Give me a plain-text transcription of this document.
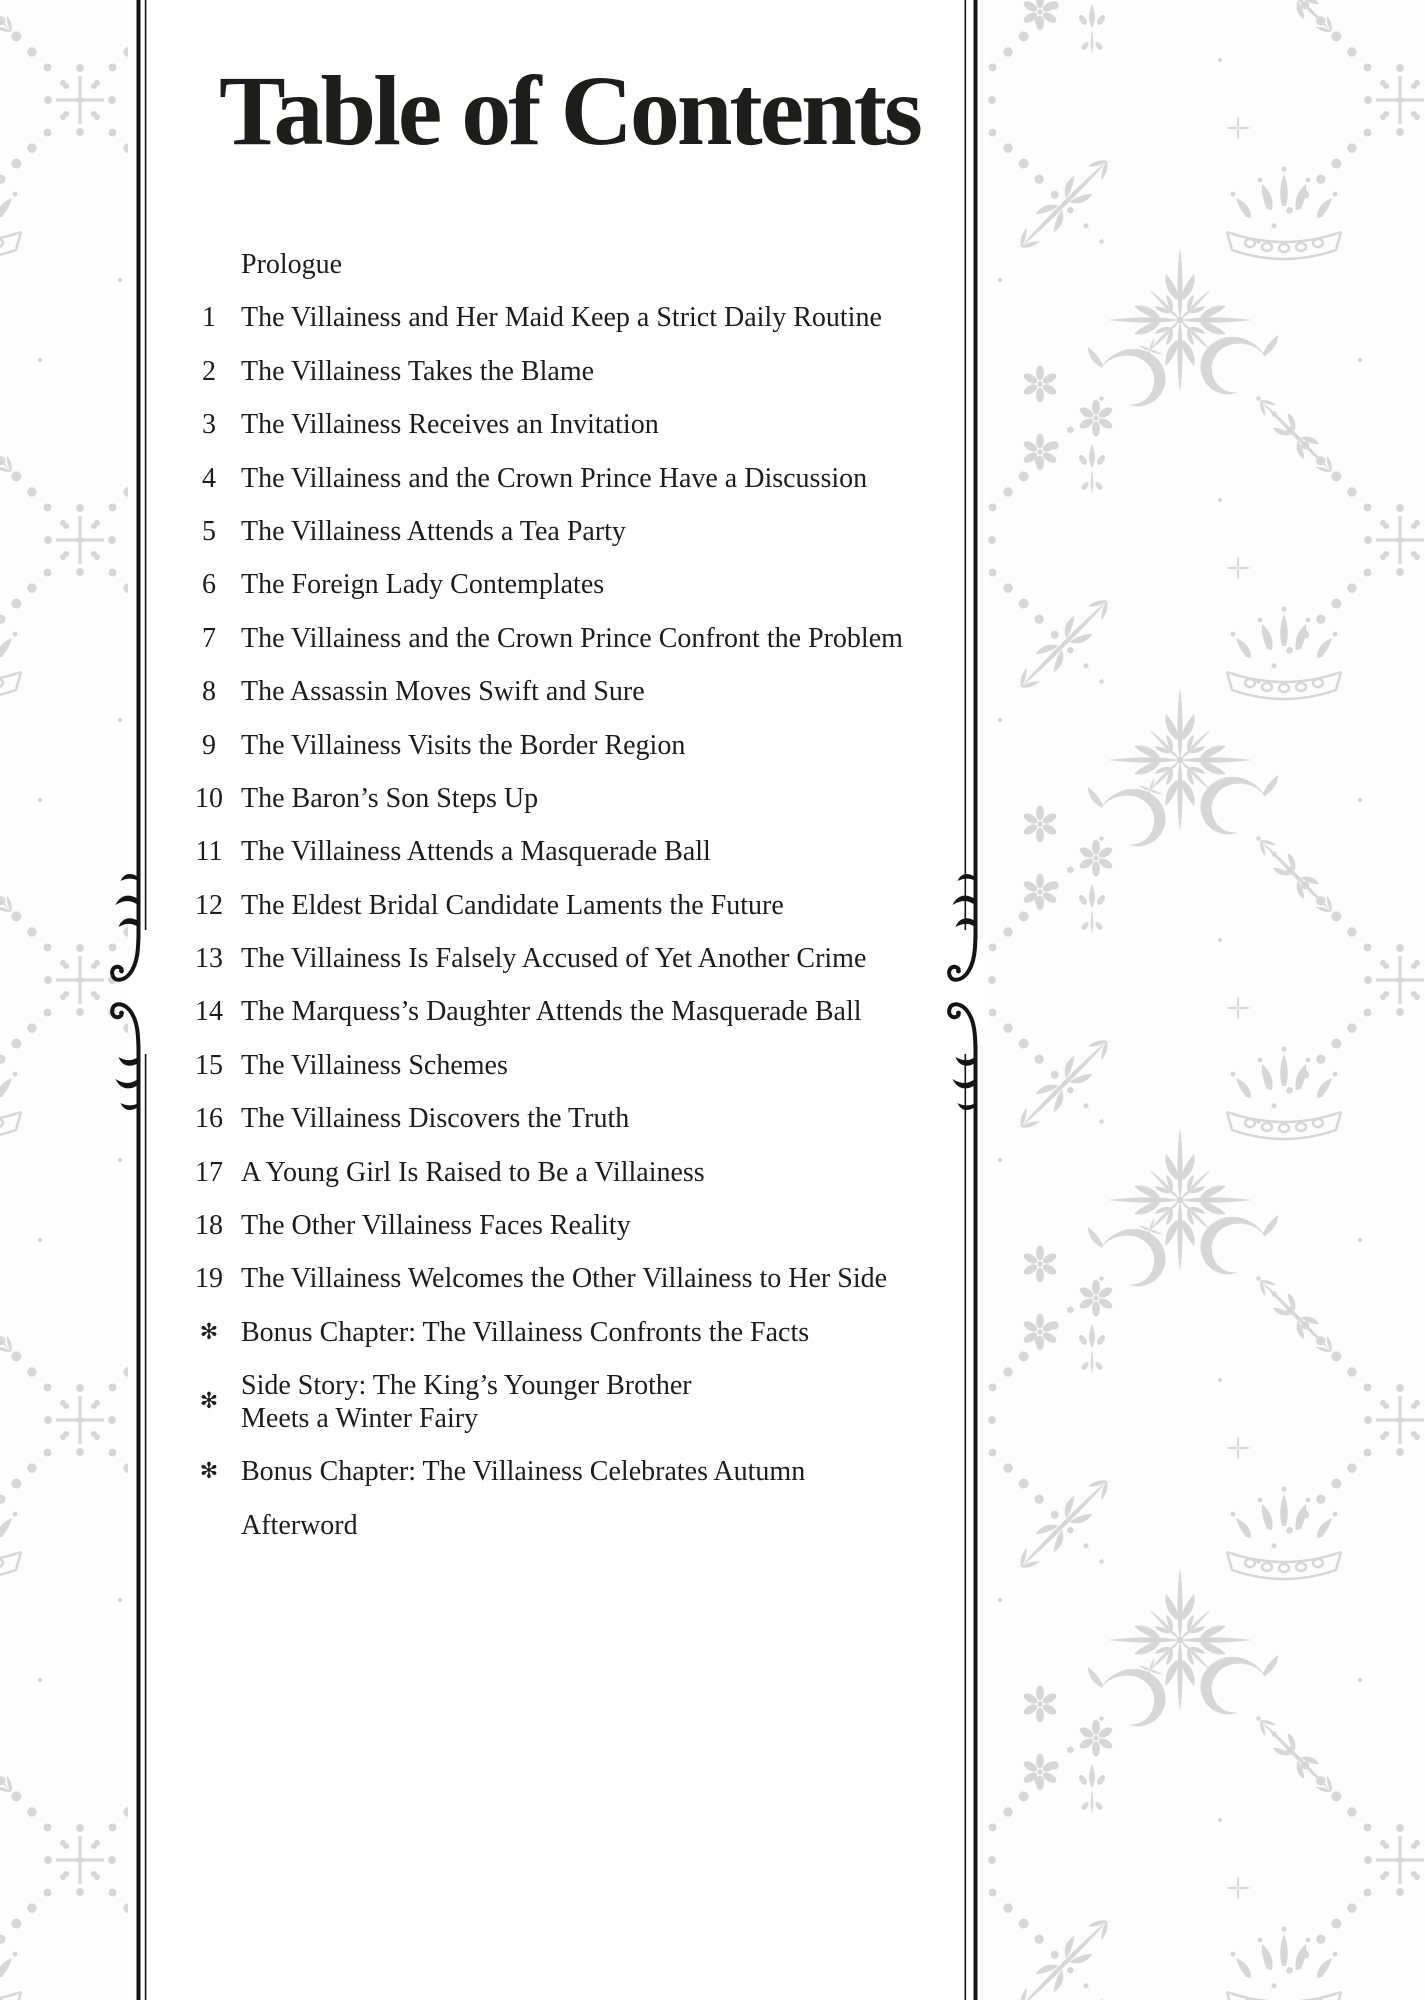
Table of Contents
Prologue
1 The Villainess and Her Maid Keep a Strict Daily Routine
2 The Villainess Takes the Blame
3 The Villainess Receives an Invitation
4 The Villainess and the Crown Prince Have a Discussion
5 The Villainess Attends a Tea Party
6 The Foreign Lady Contemplates
7 The Villainess and the Crown Prince Confront the Problem
8 The Assassin Moves Swift and Sure
9 The Villainess Visits the Border Region
10 The Baron’s Son Steps Up
11 The Villainess Attends a Masquerade Ball
12 The Eldest Bridal Candidate Laments the Future
13 The Villainess Is Falsely Accused of Yet Another Crime
14 The Marquess’s Daughter Attends the Masquerade Ball
15 The Villainess Schemes
16 The Villainess Discovers the Truth
17 A Young Girl Is Raised to Be a Villainess
18 The Other Villainess Faces Reality
19 The Villainess Welcomes the Other Villainess to Her Side
✻ Bonus Chapter: The Villainess Confronts the Facts
✻
Side Story: The King’s Younger Brother
Meets a Winter Fairy
✻ Bonus Chapter: The Villainess Celebrates Autumn
Afterword
